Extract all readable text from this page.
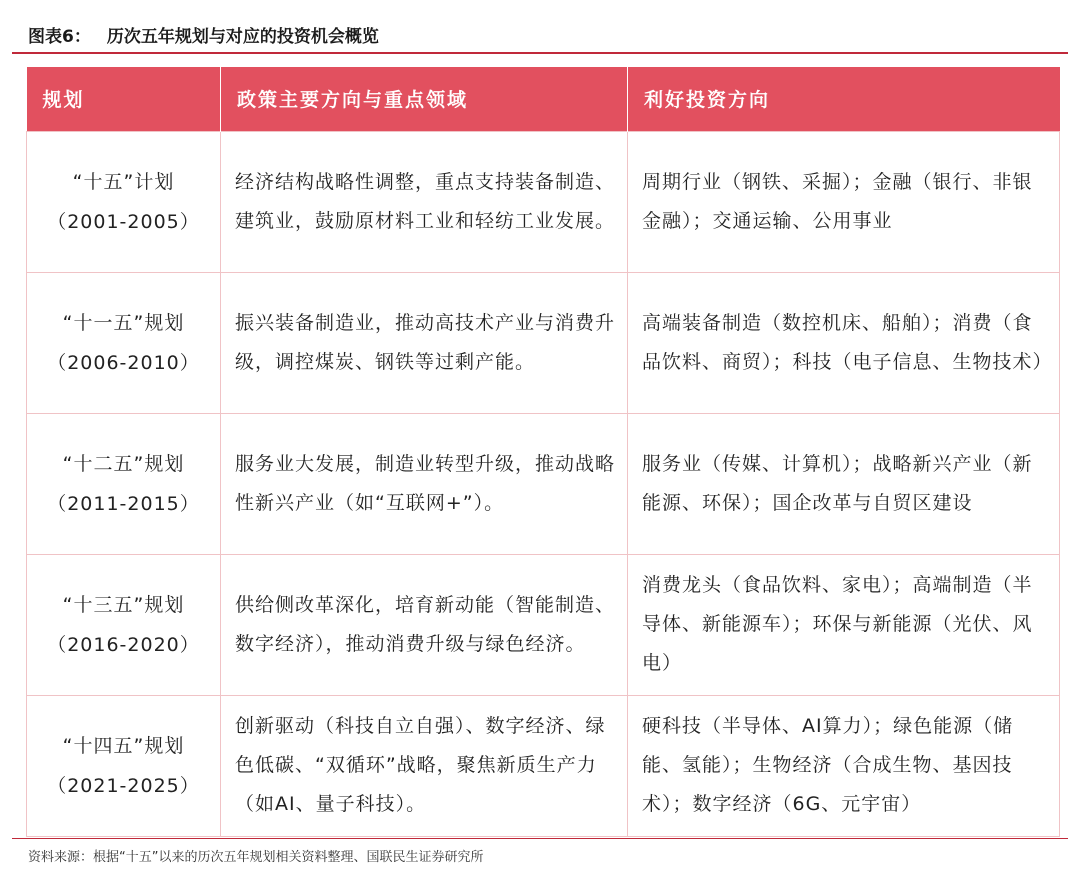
图表6： 历次五年规划与对应的投资机会概览
规划	政策主要方向与重点领域	利好投资方向
“十五”计划
（2001-2005）	经济结构战略性调整，重点支持装备制造、建筑业，鼓励原材料工业和轻纺工业发展。	周期行业（钢铁、采掘）；金融（银行、非银金融）；交通运输、公用事业
“十一五”规划
（2006-2010）	振兴装备制造业，推动高技术产业与消费升级，调控煤炭、钢铁等过剩产能。	高端装备制造（数控机床、船舶）；消费（食品饮料、商贸）；科技（电子信息、生物技术）
“十二五”规划
（2011-2015）	服务业大发展，制造业转型升级，推动战略性新兴产业（如“互联网+”）。	服务业（传媒、计算机）；战略新兴产业（新能源、环保）；国企改革与自贸区建设
“十三五”规划
（2016-2020）	供给侧改革深化，培育新动能（智能制造、数字经济），推动消费升级与绿色经济。	消费龙头（食品饮料、家电）；高端制造（半导体、新能源车）；环保与新能源（光伏、风电）
“十四五”规划
（2021-2025）	创新驱动（科技自立自强）、数字经济、绿色低碳、“双循环”战略，聚焦新质生产力（如AI、量子科技）。	硬科技（半导体、AI算力）；绿色能源（储能、氢能）；生物经济（合成生物、基因技术）；数字经济（6G、元宇宙）
资料来源：根据“十五”以来的历次五年规划相关资料整理、国联民生证券研究所
